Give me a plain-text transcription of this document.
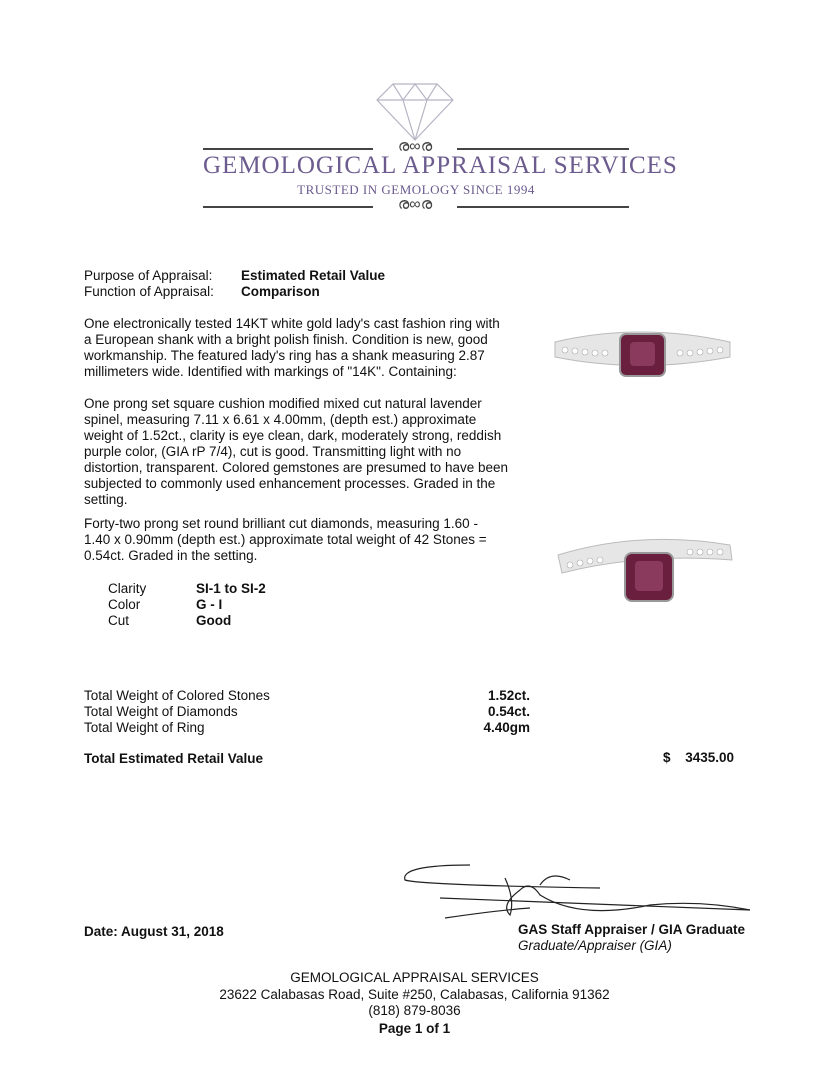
ര∞ര
GEMOLOGICAL APPRAISAL SERVICES
TRUSTED IN GEMOLOGY SINCE 1994
ര∞ര
Purpose of Appraisal: Estimated Retail Value
Function of Appraisal: Comparison

One electronically tested 14KT white gold lady's cast fashion ring with a European shank with a bright polish finish. Condition is new, good workmanship. The featured lady's ring has a shank measuring 2.87 millimeters wide. Identified with markings of "14K". Containing:

One prong set square cushion modified mixed cut natural lavender spinel, measuring 7.11 x 6.61 x 4.00mm, (depth est.) approximate weight of 1.52ct., clarity is eye clean, dark, moderately strong, reddish purple color, (GIA rP 7/4), cut is good. Transmitting light with no distortion, transparent. Colored gemstones are presumed to have been subjected to commonly used enhancement processes. Graded in the setting.

Forty-two prong set round brilliant cut diamonds, measuring 1.60 - 1.40 x 0.90mm (depth est.) approximate total weight of 42 Stones = 0.54ct. Graded in the setting.

Clarity	SI-1 to SI-2
Color	G - I
Cut	Good
Total Weight of Colored Stones	1.52ct.
Total Weight of Diamonds	0.54ct.
Total Weight of Ring	4.40gm
Total Estimated Retail Value	$	3435.00
Date: August 31, 2018	GAS Staff Appraiser / GIA Graduate
Graduate/Appraiser (GIA)
GEMOLOGICAL APPRAISAL SERVICES
23622 Calabasas Road, Suite #250, Calabasas, California 91362
(818) 879-8036
Page 1 of 1
